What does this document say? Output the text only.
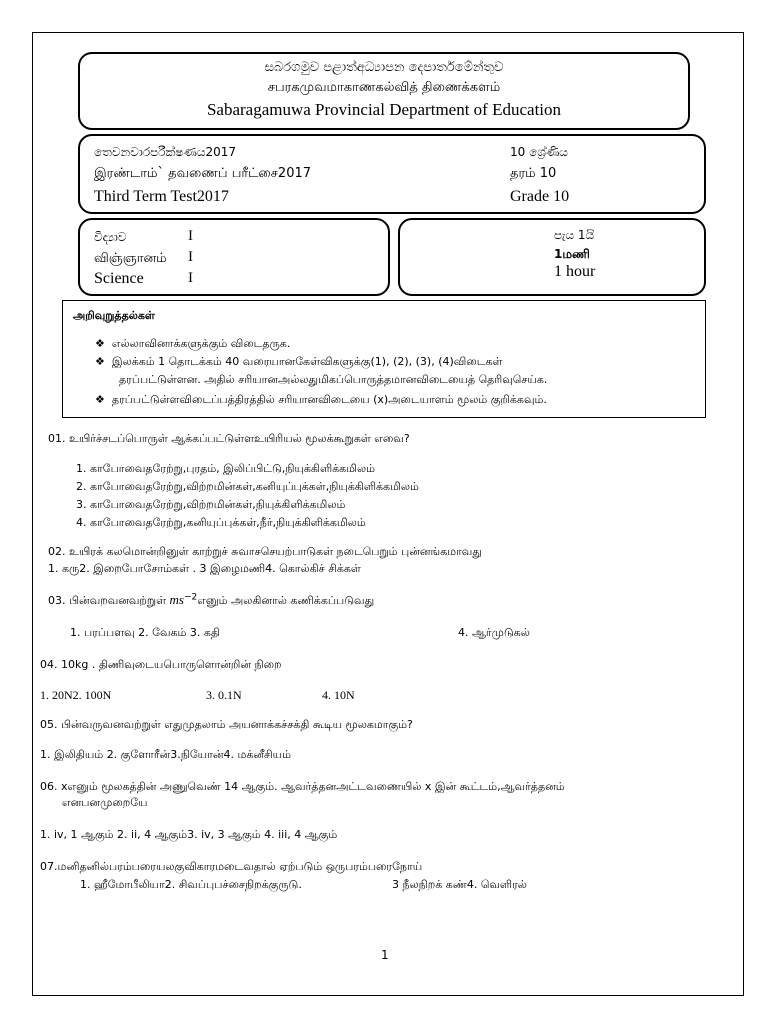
සබරගමුව පළාත්අධ්‍යාපන දෙපාර්තමේන්තුව
சபரகமுவமாகாணகல்வித் திணைக்களம்
Sabaragamuwa Provincial Department of Education
තෙවනවාරපරීක්ෂණය2017
இரண்டாம்` தவணைப் பரீட்சை2017
Third Term Test2017
10 ශ්‍රේණිය
தரம் 10
Grade 10
විද්‍යාව	I
விஞ்ஞானம் I
Science	I
පැය 1යි
1மணி
1 hour
அறிவுறுத்தல்கள்
❖ எல்லாவினாக்களுக்கும் விடைதருக.
❖ இலக்கம் 1 தொடக்கம் 40 வரையானகேள்விகளுக்கு(1), (2), (3), (4)விடைகள்
தரப்பட்டுள்ளன. அதில் சரியானஅல்லதுமிகப்பொருத்தமானவிடையைத் தெரிவுசெய்க.
❖ தரப்பட்டுள்ளவிடைப்பத்திரத்தில் சரியானவிடையை (x)அடையாளம் மூலம் குறிக்கவும்.
01. உயிர்ச்சடப்பொருள் ஆக்கப்பட்டுள்ளஉயிரியல் மூலக்கூறுகள் எவை?
1. காபோவைதரேற்று,புரதம், இலிப்பிட்டு,நியுக்கிளிக்கமிலம்
2. காபோவைதரேற்று,விற்றமின்கள்,கனியுப்புக்கள்,நியுக்கிளிக்கமிலம்
3. காபோவைதரேற்று,விற்றமின்கள்,நியுக்கிளிக்கமிலம்
4. காபோவைதரேற்று,கனியுப்புக்கள்,நீர்,நியுக்கிளிக்கமிலம்
02. உயிரக் கலமொன்றினுள் காற்றுச் சுவாசசெயற்பாடுகள் நடைபெறும் புன்னங்கமாவது
1. கரு2. இறைபோசோம்கள் . 3 இழைமணி4. கொல்கிச் சிக்கள்
03. பின்வறவனவற்றுள் $ms^{-2}எனும்$ அலகினால் கணிக்கப்படுவது
1. பரப்பளவு 2. வேகம் 3. கதி	4. ஆர்முடுகல்
04. 10kg . திணிவுடையபொருளொன்றின் நிறை
1. 20N2. 100N	3. 0.1N	4. 10N
05. பின்வருவனவற்றுள் எதுமுதலாம் அயனாக்கச்சக்தி கூடிய மூலகமாகும்?
1. இலிதியம் 2. குளோரீன்3.நியோன்4. மக்னீசியம்
06. xஎனும் மூலகத்தின் அணுவெண் 14 ஆகும். ஆவர்த்தனஅட்டவணையில் x இன் கூட்டம்,ஆவர்த்தனம்
எனபனமுறையே
1. iv, 1 ஆகும் 2. ii, 4 ஆகும்3. iv, 3 ஆகும் 4. iii, 4 ஆகும்
07.மனிதனில்பரம்பரையலகுவிகாரமடைவதால் ஏற்படும் ஒருபரம்பரைநோய்
1. ஹீமோபீலியா2. சிவப்புபச்சைநிறக்குருடு.	3 நீலநிறக் கண்4. வெளிரல்
1
